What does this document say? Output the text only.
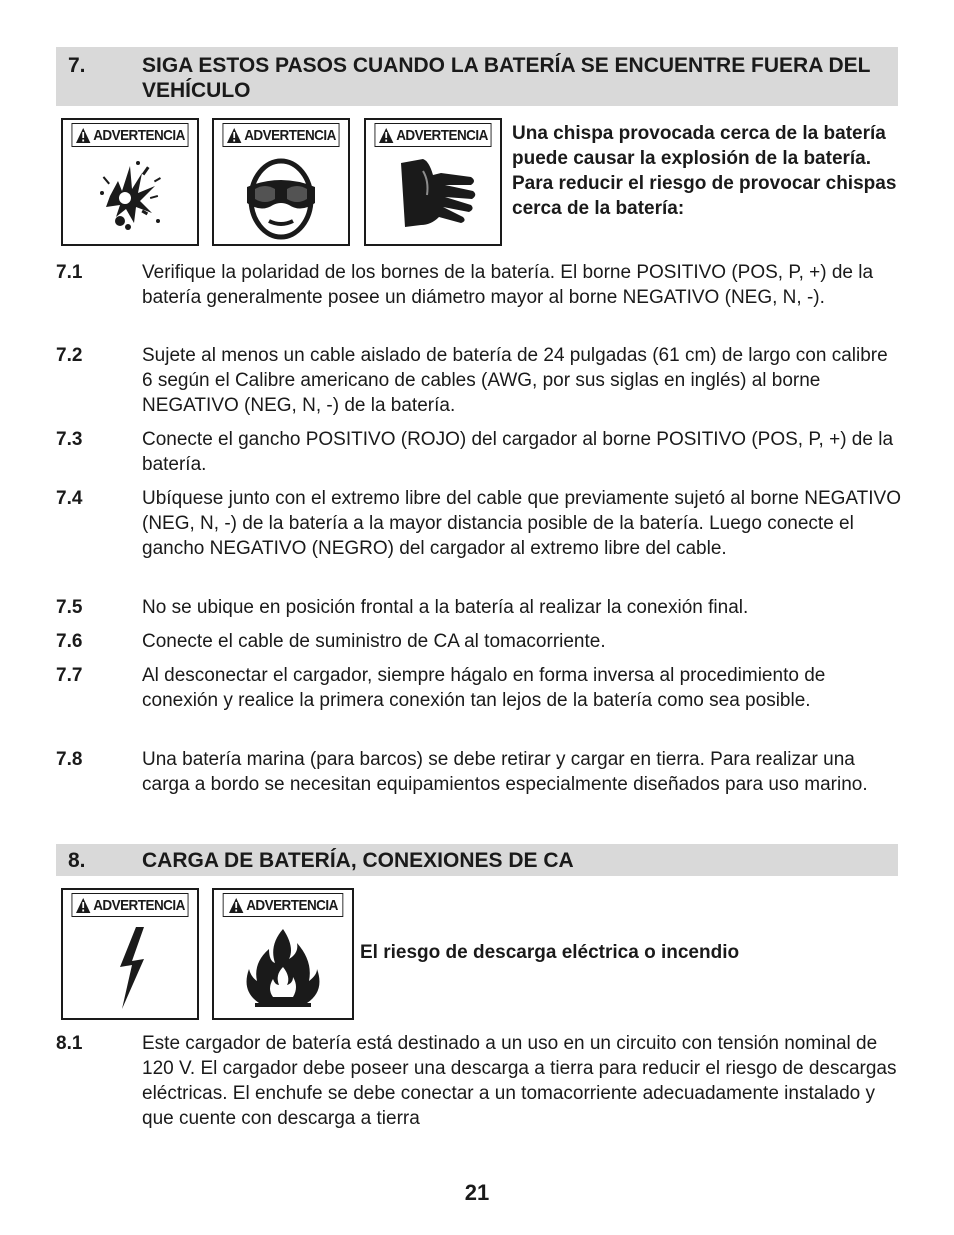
7.	SIGA ESTOS PASOS CUANDO LA BATERÍA SE ENCUENTRE FUERA DEL VEHÍCULO
ADVERTENCIA	ADVERTENCIA	ADVERTENCIA Una chispa provocada cerca de la batería puede causar la explosión de la batería. Para reducir el riesgo de provocar chispas cerca de la batería:
7.1	Verifique la polaridad de los bornes de la batería. El borne POSITIVO (POS, P, +) de la batería generalmente posee un diámetro mayor al borne NEGATIVO (NEG, N, -).
7.2	Sujete al menos un cable aislado de batería de 24 pulgadas (61 cm) de largo con calibre 6 según el Calibre americano de cables (AWG, por sus siglas en inglés) al borne NEGATIVO (NEG, N, -) de la batería.
7.3	Conecte el gancho POSITIVO (ROJO) del cargador al borne POSITIVO (POS, P, +) de la batería.
7.4	Ubíquese junto con el extremo libre del cable que previamente sujetó al borne NEGATIVO (NEG, N, -) de la batería a la mayor distancia posible de la batería. Luego conecte el gancho NEGATIVO (NEGRO) del cargador al extremo libre del cable.
7.5	No se ubique en posición frontal a la batería al realizar la conexión final.
7.6	Conecte el cable de suministro de CA al tomacorriente.
7.7	Al desconectar el cargador, siempre hágalo en forma inversa al procedimiento de conexión y realice la primera conexión tan lejos de la batería como sea posible.
7.8	Una batería marina (para barcos) se debe retirar y cargar en tierra. Para realizar una carga a bordo se necesitan equipamientos especialmente diseñados para uso marino.
8.	CARGA DE BATERÍA, CONEXIONES DE CA
ADVERTENCIA	ADVERTENCIA
El riesgo de descarga eléctrica o incendio
8.1	Este cargador de batería está destinado a un uso en un circuito con tensión nominal de 120 V. El cargador debe poseer una descarga a tierra para reducir el riesgo de descargas eléctricas. El enchufe se debe conectar a un tomacorriente adecuadamente instalado y que cuente con descarga a tierra
21
